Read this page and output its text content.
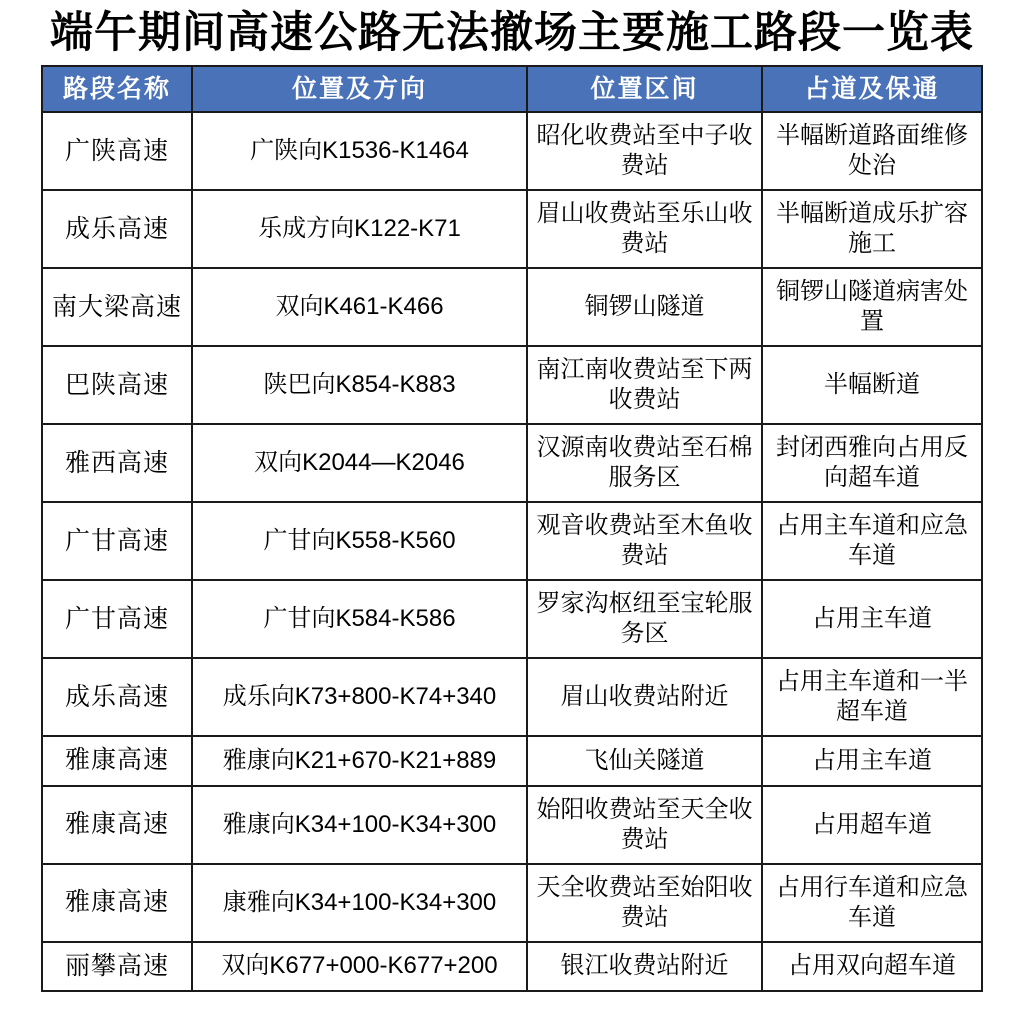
端午期间高速公路无法撤场主要施工路段一览表
路段名称	位置及方向	位置区间	占道及保通
广陕高速	广陕向K1536-K1464	昭化收费站至中子收费站	半幅断道路面维修处治
成乐高速	乐成方向K122-K71	眉山收费站至乐山收费站	半幅断道成乐扩容施工
南大梁高速	双向K461-K466	铜锣山隧道	铜锣山隧道病害处置
巴陕高速	陕巴向K854-K883	南江南收费站至下两收费站	半幅断道
雅西高速	双向K2044—K2046	汉源南收费站至石棉服务区	封闭西雅向占用反向超车道
广甘高速	广甘向K558-K560	观音收费站至木鱼收费站	占用主车道和应急车道
广甘高速	广甘向K584-K586	罗家沟枢纽至宝轮服务区	占用主车道
成乐高速	成乐向K73+800-K74+340	眉山收费站附近	占用主车道和一半超车道
雅康高速	雅康向K21+670-K21+889	飞仙关隧道	占用主车道
雅康高速	雅康向K34+100-K34+300	始阳收费站至天全收费站	占用超车道
雅康高速	康雅向K34+100-K34+300	天全收费站至始阳收费站	占用行车道和应急车道
丽攀高速	双向K677+000-K677+200	银江收费站附近	占用双向超车道
